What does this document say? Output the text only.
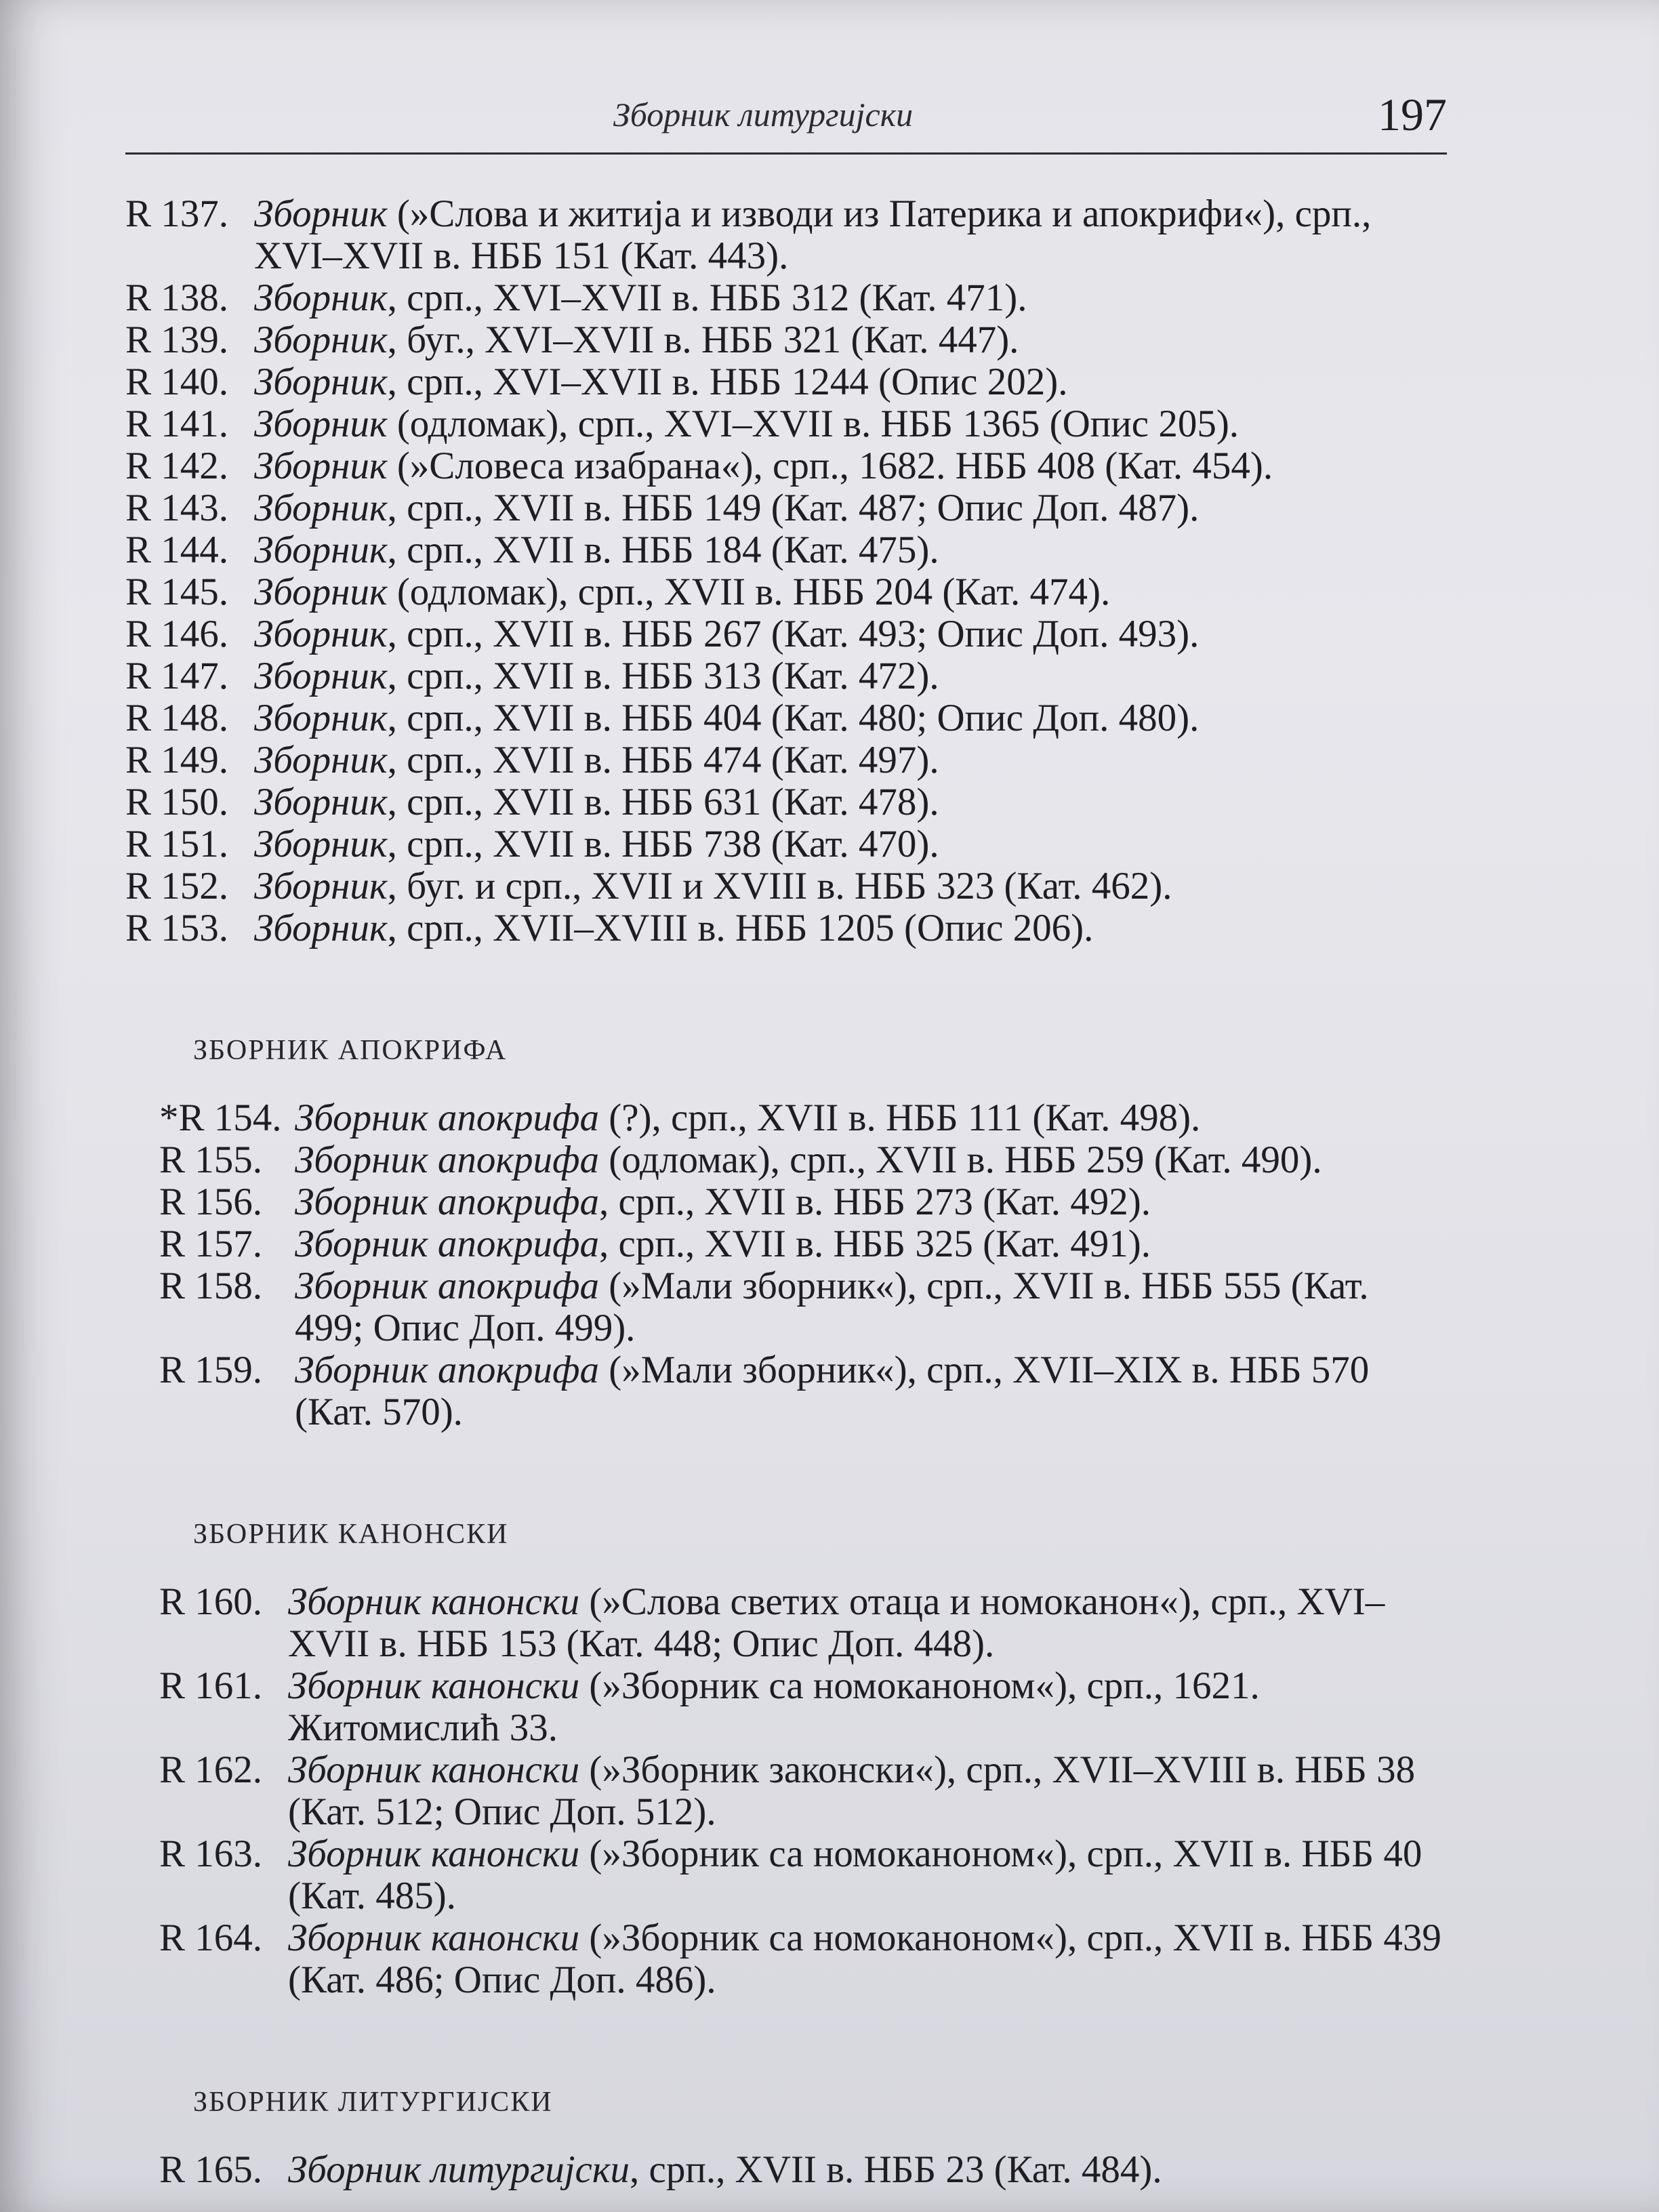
Зборник литургијски	197
R 137. Зборник (»Слова и житија и изводи из Патерика и апокрифи«), срп., XVI–XVII в. НББ 151 (Кат. 443).
R 138. Зборник, срп., XVI–XVII в. НББ 312 (Кат. 471).
R 139. Зборник, буг., XVI–XVII в. НББ 321 (Кат. 447).
R 140. Зборник, срп., XVI–XVII в. НББ 1244 (Опис 202).
R 141. Зборник (одломак), срп., XVI–XVII в. НББ 1365 (Опис 205).
R 142. Зборник (»Словеса изабрана«), срп., 1682. НББ 408 (Кат. 454).
R 143. Зборник, срп., XVII в. НББ 149 (Кат. 487; Опис Доп. 487).
R 144. Зборник, срп., XVII в. НББ 184 (Кат. 475).
R 145. Зборник (одломак), срп., XVII в. НББ 204 (Кат. 474).
R 146. Зборник, срп., XVII в. НББ 267 (Кат. 493; Опис Доп. 493).
R 147. Зборник, срп., XVII в. НББ 313 (Кат. 472).
R 148. Зборник, срп., XVII в. НББ 404 (Кат. 480; Опис Доп. 480).
R 149. Зборник, срп., XVII в. НББ 474 (Кат. 497).
R 150. Зборник, срп., XVII в. НББ 631 (Кат. 478).
R 151. Зборник, срп., XVII в. НББ 738 (Кат. 470).
R 152. Зборник, буг. и срп., XVII и XVIII в. НББ 323 (Кат. 462).
R 153. Зборник, срп., XVII–XVIII в. НББ 1205 (Опис 206).
ЗБОРНИК АПОКРИФА
*R 154. Зборник апокрифа (?), срп., XVII в. НББ 111 (Кат. 498).
R 155. Зборник апокрифа (одломак), срп., XVII в. НББ 259 (Кат. 490).
R 156. Зборник апокрифа, срп., XVII в. НББ 273 (Кат. 492).
R 157. Зборник апокрифа, срп., XVII в. НББ 325 (Кат. 491).
R 158. Зборник апокрифа (»Мали зборник«), срп., XVII в. НББ 555 (Кат. 499; Опис Доп. 499).
R 159. Зборник апокрифа (»Мали зборник«), срп., XVII–XIX в. НББ 570 (Кат. 570).
ЗБОРНИК КАНОНСКИ
R 160. Зборник канонски (»Слова светих отаца и номоканон«), срп., XVI–XVII в. НББ 153 (Кат. 448; Опис Доп. 448).
R 161. Зборник канонски (»Зборник са номоканоном«), срп., 1621. Житомислић 33.
R 162. Зборник канонски (»Зборник законски«), срп., XVII–XVIII в. НББ 38 (Кат. 512; Опис Доп. 512).
R 163. Зборник канонски (»Зборник са номоканоном«), срп., XVII в. НББ 40 (Кат. 485).
R 164. Зборник канонски (»Зборник са номоканоном«), срп., XVII в. НББ 439 (Кат. 486; Опис Доп. 486).
ЗБОРНИК ЛИТУРГИЈСКИ
R 165. Зборник литургијски, срп., XVII в. НББ 23 (Кат. 484).
